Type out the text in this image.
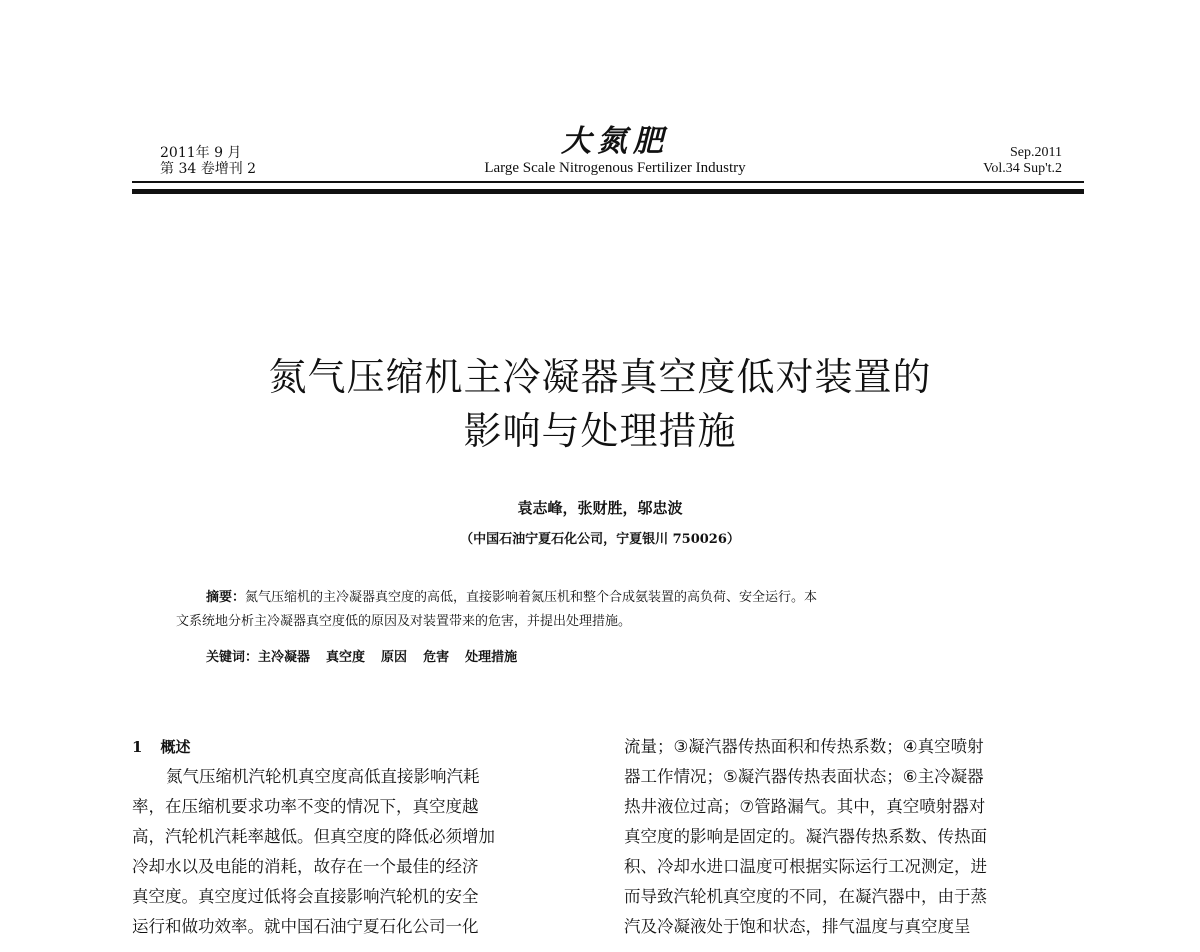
2011年 9 月
第 34 卷增刊 2
大氮肥
Large Scale Nitrogenous Fertilizer Industry
Sep.2011
Vol.34 Sup't.2
氮气压缩机主冷凝器真空度低对装置的
影响与处理措施
袁志峰，张财胜，邬忠波
（中国石油宁夏石化公司，宁夏银川 750026）

摘要：氮气压缩机的主冷凝器真空度的高低，直接影响着氮压机和整个合成氨装置的高负荷、安全运行。本

文系统地分析主冷凝器真空度低的原因及对装置带来的危害，并提出处理措施。

关键词：主冷凝器 真空度 原因 危害 处理措施
1 概述

氮气压缩机汽轮机真空度高低直接影响汽耗

率，在压缩机要求功率不变的情况下，真空度越

高，汽轮机汽耗率越低。但真空度的降低必须增加

冷却水以及电能的消耗，故存在一个最佳的经济

真空度。真空度过低将会直接影响汽轮机的安全

运行和做功效率。就中国石油宁夏石化公司一化

流量；③凝汽器传热面积和传热系数；④真空喷射

器工作情况；⑤凝汽器传热表面状态；⑥主冷凝器

热井液位过高；⑦管路漏气。其中，真空喷射器对

真空度的影响是固定的。凝汽器传热系数、传热面

积、冷却水进口温度可根据实际运行工况测定，进

而导致汽轮机真空度的不同，在凝汽器中，由于蒸

汽及冷凝液处于饱和状态，排气温度与真空度呈
